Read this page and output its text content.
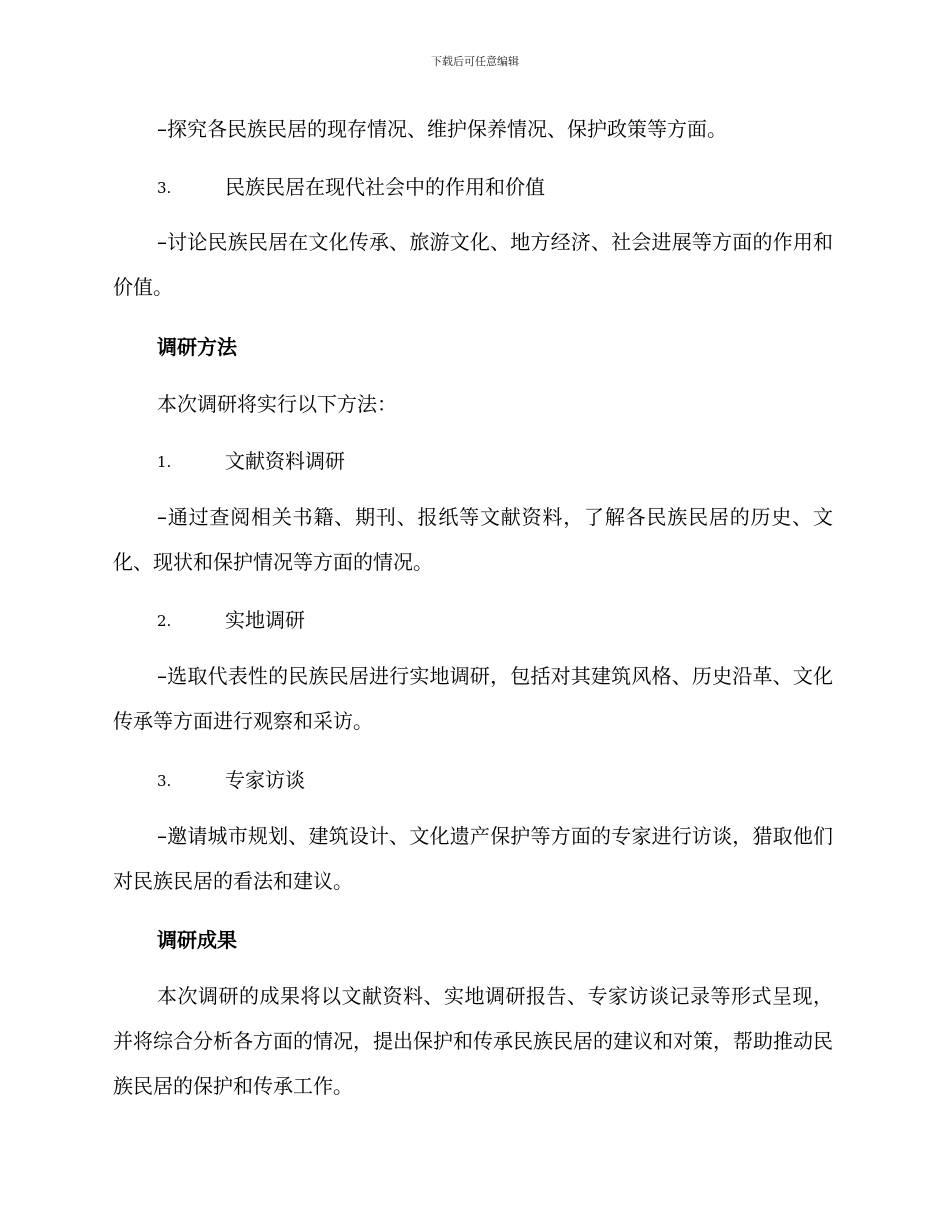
下载后可任意编辑
–探究各民族民居的现存情况、维护保养情况、保护政策等方面。
3.	民族民居在现代社会中的作用和价值
–讨论民族民居在文化传承、旅游文化、地方经济、社会进展等方面的作用和价值。
调研方法
本次调研将实行以下方法：
1.	文献资料调研
–通过查阅相关书籍、期刊、报纸等文献资料，了解各民族民居的历史、文化、现状和保护情况等方面的情况。
2.	实地调研
–选取代表性的民族民居进行实地调研，包括对其建筑风格、历史沿革、文化传承等方面进行观察和采访。
3.	专家访谈
–邀请城市规划、建筑设计、文化遗产保护等方面的专家进行访谈，猎取他们对民族民居的看法和建议。
调研成果
本次调研的成果将以文献资料、实地调研报告、专家访谈记录等形式呈现，并将综合分析各方面的情况，提出保护和传承民族民居的建议和对策，帮助推动民族民居的保护和传承工作。
